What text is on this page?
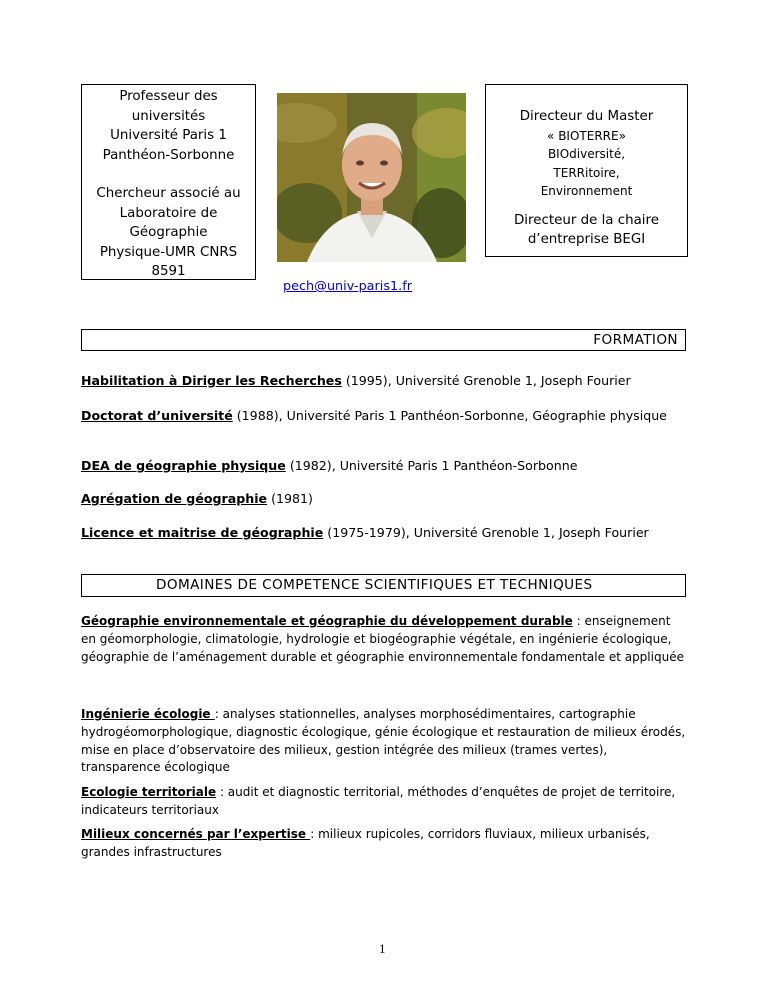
Professeur des
universités
Université Paris 1
Panthéon-Sorbonne
Chercheur associé au
Laboratoire de
Géographie
Physique-UMR CNRS
8591
Directeur du Master
« BIOTERRE»
BIOdiversité,
TERRitoire,
Environnement
Directeur de la chaire
d’entreprise BEGI
pech@univ-paris1.fr
FORMATION
Habilitation à Diriger les Recherches (1995), Université Grenoble 1, Joseph Fourier
Doctorat d’université (1988), Université Paris 1 Panthéon-Sorbonne, Géographie physique
DEA de géographie physique (1982), Université Paris 1 Panthéon-Sorbonne
Agrégation de géographie (1981)
Licence et maitrise de géographie (1975-1979), Université Grenoble 1, Joseph Fourier
DOMAINES DE COMPETENCE SCIENTIFIQUES ET TECHNIQUES
Géographie environnementale et géographie du développement durable : enseignement en géomorphologie, climatologie, hydrologie et biogéographie végétale, en ingénierie écologique, géographie de l’aménagement durable et géographie environnementale fondamentale et appliquée
Ingénierie écologie : analyses stationnelles, analyses morphosédimentaires, cartographie hydrogéomorphologique, diagnostic écologique, génie écologique et restauration de milieux érodés, mise en place d’observatoire des milieux, gestion intégrée des milieux (trames vertes), transparence écologique
Ecologie territoriale : audit et diagnostic territorial, méthodes d’enquêtes de projet de territoire, indicateurs territoriaux
Milieux concernés par l’expertise : milieux rupicoles, corridors fluviaux, milieux urbanisés, grandes infrastructures
1
